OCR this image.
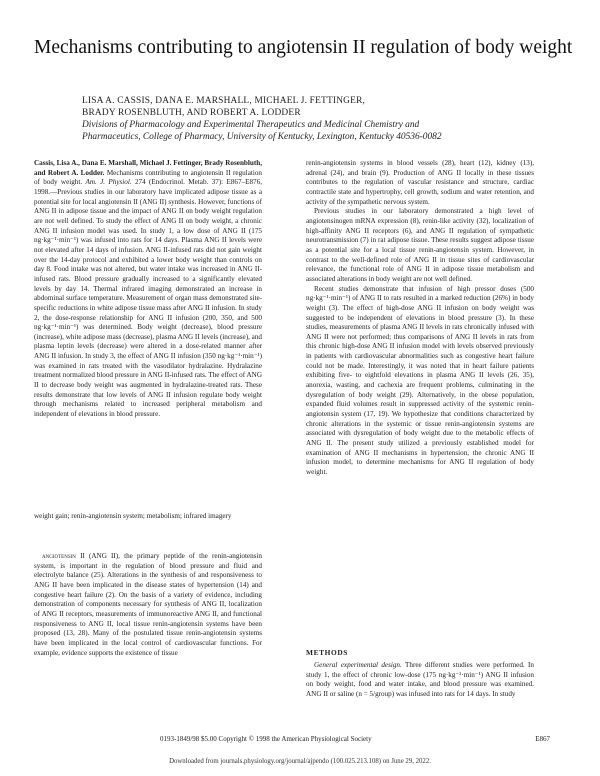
Mechanisms contributing to angiotensin II regulation of body weight
LISA A. CASSIS, DANA E. MARSHALL, MICHAEL J. FETTINGER,
BRADY ROSENBLUTH, AND ROBERT A. LODDER
Divisions of Pharmacology and Experimental Therapeutics and Medicinal Chemistry and
Pharmaceutics, College of Pharmacy, University of Kentucky, Lexington, Kentucky 40536-0082

Cassis, Lisa A., Dana E. Marshall, Michael J. Fettinger, Brady Rosenbluth, and Robert A. Lodder. Mechanisms contributing to angiotensin II regulation of body weight. Am. J. Physiol. 274 (Endocrinol. Metab. 37): E867–E876, 1998.—Previous studies in our laboratory have implicated adipose tissue as a potential site for local angiotensin II (ANG II) synthesis. However, functions of ANG II in adipose tissue and the impact of ANG II on body weight regulation are not well defined. To study the effect of ANG II on body weight, a chronic ANG II infusion model was used. In study 1, a low dose of ANG II (175 ng·kg⁻¹·min⁻¹) was infused into rats for 14 days. Plasma ANG II levels were not elevated after 14 days of infusion. ANG II-infused rats did not gain weight over the 14-day protocol and exhibited a lower body weight than controls on day 8. Food intake was not altered, but water intake was increased in ANG II-infused rats. Blood pressure gradually increased to a significantly elevated levels by day 14. Thermal infrared imaging demonstrated an increase in abdominal surface temperature. Measurement of organ mass demonstrated site-specific reductions in white adipose tissue mass after ANG II infusion. In study 2, the dose-response relationship for ANG II infusion (200, 350, and 500 ng·kg⁻¹·min⁻¹) was determined. Body weight (decrease), blood pressure (increase), white adipose mass (decrease), plasma ANG II levels (increase), and plasma leptin levels (decrease) were altered in a dose-related manner after ANG II infusion. In study 3, the effect of ANG II infusion (350 ng·kg⁻¹·min⁻¹) was examined in rats treated with the vasodilator hydralazine. Hydralazine treatment normalized blood pressure in ANG II-infused rats. The effect of ANG II to decrease body weight was augmented in hydralazine-treated rats. These results demonstrate that low levels of ANG II infusion regulate body weight through mechanisms related to increased peripheral metabolism and independent of elevations in blood pressure.

weight gain; renin-angiotensin system; metabolism; infrared imagery

angiotensin II (ANG II), the primary peptide of the renin-angiotensin system, is important in the regulation of blood pressure and fluid and electrolyte balance (25). Alterations in the synthesis of and responsiveness to ANG II have been implicated in the disease states of hypertension (14) and congestive heart failure (2). On the basis of a variety of evidence, including demonstration of components necessary for synthesis of ANG II, localization of ANG II receptors, measurements of immunoreactive ANG II, and functional responsiveness to ANG II, local tissue renin-angiotensin systems have been proposed (13, 28). Many of the postulated tissue renin-angiotensin systems have been implicated in the local control of cardiovascular functions. For example, evidence supports the existence of tissue

renin-angiotensin systems in blood vessels (28), heart (12), kidney (13), adrenal (24), and brain (9). Production of ANG II locally in these tissues contributes to the regulation of vascular resistance and structure, cardiac contractile state and hypertrophy, cell growth, sodium and water retention, and activity of the sympathetic nervous system.

Previous studies in our laboratory demonstrated a high level of angiotensinogen mRNA expression (8), renin-like activity (32), localization of high-affinity ANG II receptors (6), and ANG II regulation of sympathetic neurotransmission (7) in rat adipose tissue. These results suggest adipose tissue as a potential site for a local tissue renin-angiotensin system. However, in contrast to the well-defined role of ANG II in tissue sites of cardiovascular relevance, the functional role of ANG II in adipose tissue metabolism and associated alterations in body weight are not well defined.

Recent studies demonstrate that infusion of high pressor doses (500 ng·kg⁻¹·min⁻¹) of ANG II to rats resulted in a marked reduction (26%) in body weight (3). The effect of high-dose ANG II infusion on body weight was suggested to be independent of elevations in blood pressure (3). In these studies, measurements of plasma ANG II levels in rats chronically infused with ANG II were not performed; thus comparisons of ANG II levels in rats from this chronic high-dose ANG II infusion model with levels observed previously in patients with cardiovascular abnormalities such as congestive heart failure could not be made. Interestingly, it was noted that in heart failure patients exhibiting five- to eightfold elevations in plasma ANG II levels (26, 35), anorexia, wasting, and cachexia are frequent problems, culminating in the dysregulation of body weight (29). Alternatively, in the obese population, expanded fluid volumes result in suppressed activity of the systemic renin-angiotensin system (17, 19). We hypothesize that conditions characterized by chronic alterations in the systemic or tissue renin-angiotensin systems are associated with dysregulation of body weight due to the metabolic effects of ANG II. The present study utilized a previously established model for examination of ANG II mechanisms in hypertension, the chronic ANG II infusion model, to determine mechanisms for ANG II regulation of body weight.

METHODS

General experimental design. Three different studies were performed. In study 1, the effect of chronic low-dose (175 ng·kg⁻¹·min⁻¹) ANG II infusion on body weight, food and water intake, and blood pressure was examined. ANG II or saline (n = 5/group) was infused into rats for 14 days. In study

0193-1849/98 $5.00 Copyright © 1998 the American Physiological Society	E867
Downloaded from journals.physiology.org/journal/ajpendo (100.025.213.108) on June 29, 2022.
